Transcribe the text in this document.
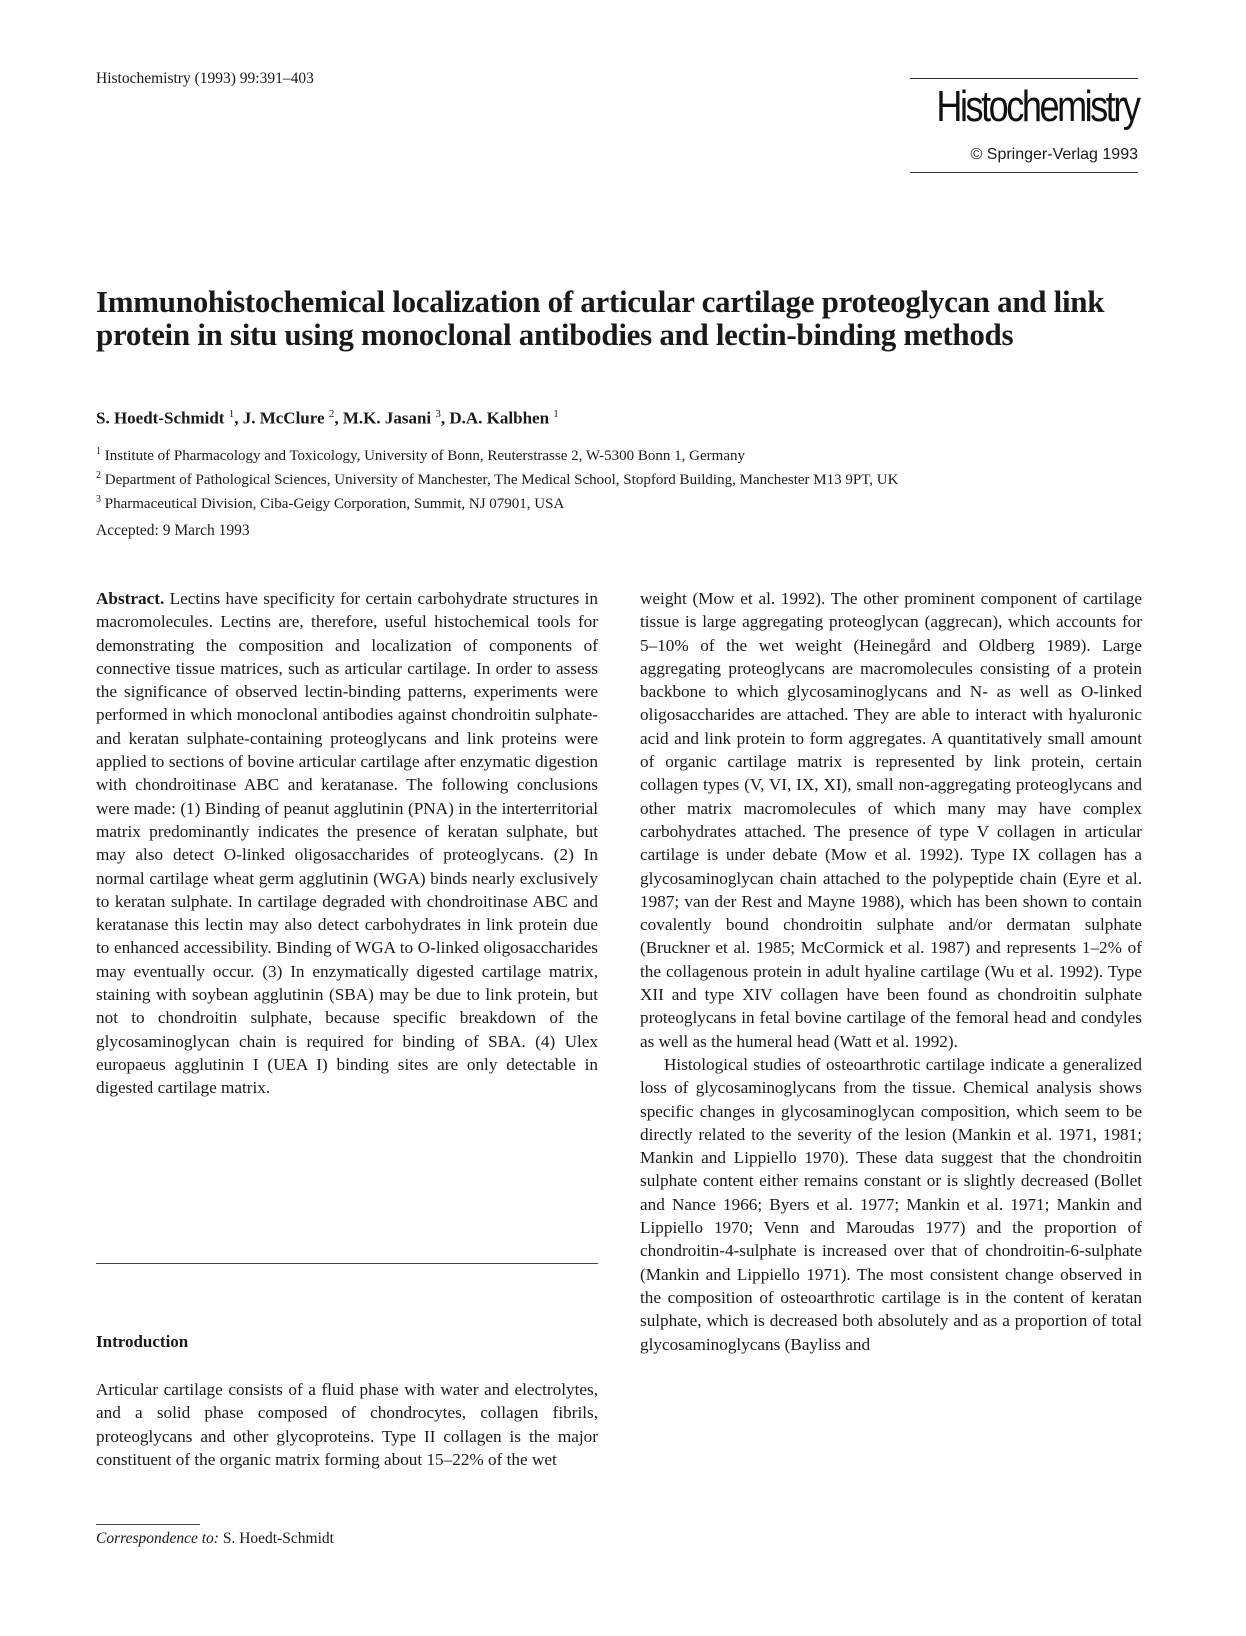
Histochemistry (1993) 99:391–403
Histochemistry
© Springer-Verlag 1993
Immunohistochemical localization of articular cartilage proteoglycan and link protein in situ using monoclonal antibodies and lectin-binding methods
S. Hoedt-Schmidt $^1$, J. McClure $^2$, M.K. Jasani $^3$, D.A. Kalbhen $^1$
$^1$ Institute of Pharmacology and Toxicology, University of Bonn, Reuterstrasse 2, W-5300 Bonn 1, Germany
$^2$ Department of Pathological Sciences, University of Manchester, The Medical School, Stopford Building, Manchester M13 9PT, UK
$^3$ Pharmaceutical Division, Ciba-Geigy Corporation, Summit, NJ 07901, USA
Accepted: 9 March 1993

Abstract. Lectins have specificity for certain carbohydrate structures in macromolecules. Lectins are, therefore, useful histochemical tools for demonstrating the composition and localization of components of connective tissue matrices, such as articular cartilage. In order to assess the significance of observed lectin-binding patterns, experiments were performed in which monoclonal antibodies against chondroitin sulphate- and keratan sulphate-containing proteoglycans and link proteins were applied to sections of bovine articular cartilage after enzymatic digestion with chondroitinase ABC and keratanase. The following conclusions were made: (1) Binding of peanut agglutinin (PNA) in the interterritorial matrix predominantly indicates the presence of keratan sulphate, but may also detect O-linked oligosaccharides of proteoglycans. (2) In normal cartilage wheat germ agglutinin (WGA) binds nearly exclusively to keratan sulphate. In cartilage degraded with chondroitinase ABC and keratanase this lectin may also detect carbohydrates in link protein due to enhanced accessibility. Binding of WGA to O-linked oligosaccharides may eventually occur. (3) In enzymatically digested cartilage matrix, staining with soybean agglutinin (SBA) may be due to link protein, but not to chondroitin sulphate, because specific breakdown of the glycosaminoglycan chain is required for binding of SBA. (4) Ulex europaeus agglutinin I (UEA I) binding sites are only detectable in digested cartilage matrix.

Introduction

Articular cartilage consists of a fluid phase with water and electrolytes, and a solid phase composed of chondrocytes, collagen fibrils, proteoglycans and other glycoproteins. Type II collagen is the major constituent of the organic matrix forming about 15–22% of the wet

Correspondence to: S. Hoedt-Schmidt

weight (Mow et al. 1992). The other prominent component of cartilage tissue is large aggregating proteoglycan (aggrecan), which accounts for 5–10% of the wet weight (Heinegård and Oldberg 1989). Large aggregating proteoglycans are macromolecules consisting of a protein backbone to which glycosaminoglycans and N- as well as O-linked oligosaccharides are attached. They are able to interact with hyaluronic acid and link protein to form aggregates. A quantitatively small amount of organic cartilage matrix is represented by link protein, certain collagen types (V, VI, IX, XI), small non-aggregating proteoglycans and other matrix macromolecules of which many may have complex carbohydrates attached. The presence of type V collagen in articular cartilage is under debate (Mow et al. 1992). Type IX collagen has a glycosaminoglycan chain attached to the polypeptide chain (Eyre et al. 1987; van der Rest and Mayne 1988), which has been shown to contain covalently bound chondroitin sulphate and/or dermatan sulphate (Bruckner et al. 1985; McCormick et al. 1987) and represents 1–2% of the collagenous protein in adult hyaline cartilage (Wu et al. 1992). Type XII and type XIV collagen have been found as chondroitin sulphate proteoglycans in fetal bovine cartilage of the femoral head and condyles as well as the humeral head (Watt et al. 1992).

Histological studies of osteoarthrotic cartilage indicate a generalized loss of glycosaminoglycans from the tissue. Chemical analysis shows specific changes in glycosaminoglycan composition, which seem to be directly related to the severity of the lesion (Mankin et al. 1971, 1981; Mankin and Lippiello 1970). These data suggest that the chondroitin sulphate content either remains constant or is slightly decreased (Bollet and Nance 1966; Byers et al. 1977; Mankin et al. 1971; Mankin and Lippiello 1970; Venn and Maroudas 1977) and the proportion of chondroitin-4-sulphate is increased over that of chondroitin-6-sulphate (Mankin and Lippiello 1971). The most consistent change observed in the composition of osteoarthrotic cartilage is in the content of keratan sulphate, which is decreased both absolutely and as a proportion of total glycosaminoglycans (Bayliss and
